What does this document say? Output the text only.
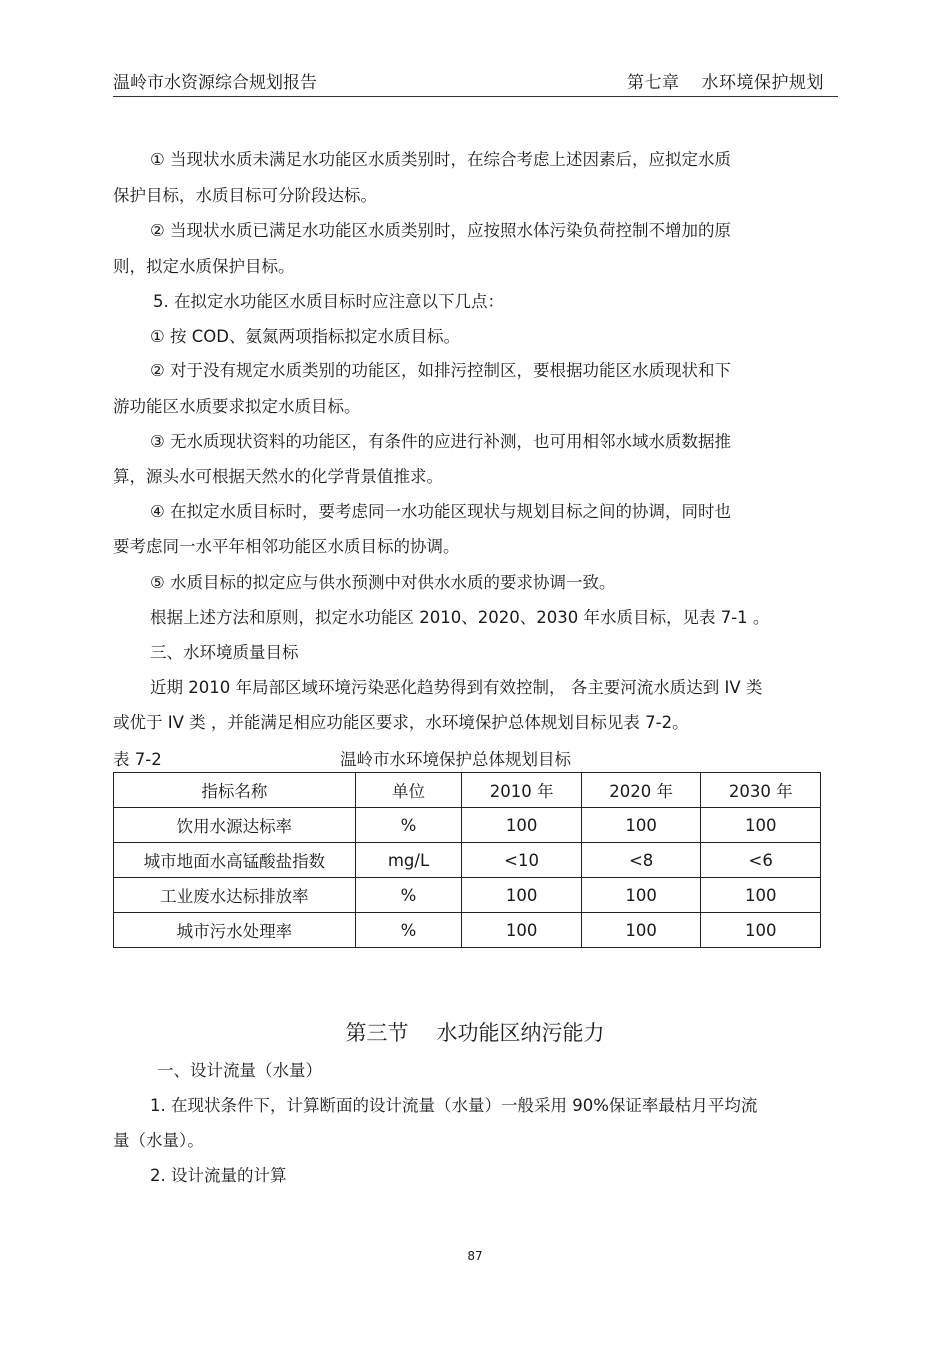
温岭市水资源综合规划报告	第七章 水环境保护规划
① 当现状水质未满足水功能区水质类别时，在综合考虑上述因素后，应拟定水质
保护目标，水质目标可分阶段达标。
② 当现状水质已满足水功能区水质类别时，应按照水体污染负荷控制不增加的原
则，拟定水质保护目标。
5. 在拟定水功能区水质目标时应注意以下几点：
① 按 COD、氨氮两项指标拟定水质目标。
② 对于没有规定水质类别的功能区，如排污控制区，要根据功能区水质现状和下
游功能区水质要求拟定水质目标。
③ 无水质现状资料的功能区，有条件的应进行补测，也可用相邻水域水质数据推
算，源头水可根据天然水的化学背景值推求。
④ 在拟定水质目标时，要考虑同一水功能区现状与规划目标之间的协调，同时也
要考虑同一水平年相邻功能区水质目标的协调。
⑤ 水质目标的拟定应与供水预测中对供水水质的要求协调一致。
根据上述方法和原则，拟定水功能区 2010、2020、2030 年水质目标，见表 7-1 。
三、水环境质量目标
近期 2010 年局部区域环境污染恶化趋势得到有效控制， 各主要河流水质达到 IV 类
或优于 IV 类 ，并能满足相应功能区要求，水环境保护总体规划目标见表 7-2。
表 7-2	温岭市水环境保护总体规划目标
指标名称	单位	2010 年	2020 年	2030 年
饮用水源达标率	%	100	100	100
城市地面水高锰酸盐指数	mg/L	<10	<8	<6
工业废水达标排放率	%	100	100	100
城市污水处理率	%	100	100	100
第三节 水功能区纳污能力
一、设计流量（水量）
1. 在现状条件下，计算断面的设计流量（水量）一般采用 90%保证率最枯月平均流
量（水量）。
2. 设计流量的计算
87
